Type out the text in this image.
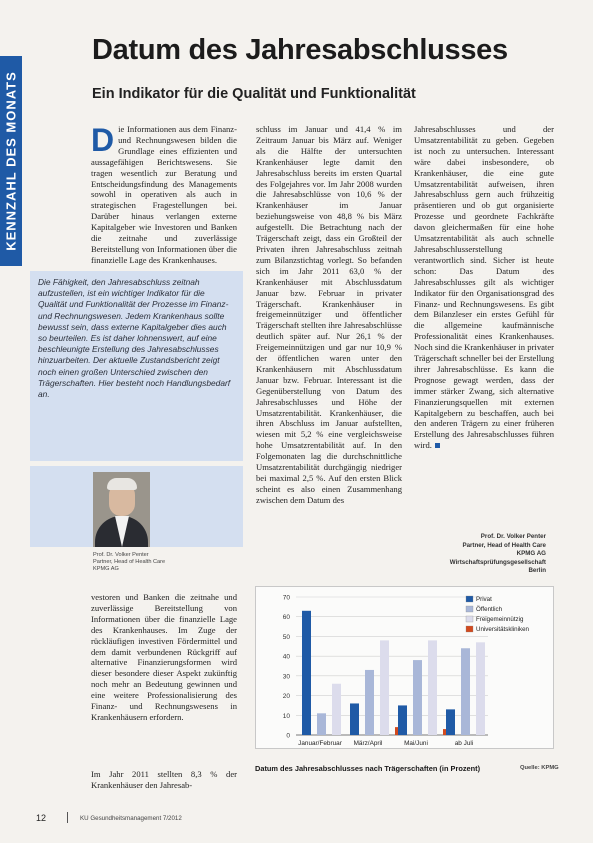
KENNZAHL DES MONATS
Datum des Jahresabschlusses
Ein Indikator für die Qualität und Funktionalität
Die Informationen aus dem Finanz- und Rechnungswesen bilden die Grundlage eines effizienten und aussagefähigen Berichtswesens. Sie tragen wesentlich zur Beratung und Entscheidungsfindung des Managements sowohl in operativen als auch in strategischen Fragestellungen bei. Darüber hinaus verlangen externe Kapitalgeber wie Investoren und Banken die zeitnahe und zuverlässige Bereitstellung von Informationen über die finanzielle Lage des Krankenhauses.

Die Fähigkeit, den Jahresabschluss zeitnah aufzustellen, ist ein wichtiger Indikator für die Qualität und Funktionalität der Prozesse im Finanz- und Rechnungswesen. Jedem Krankenhaus sollte bewusst sein, dass externe Kapitalgeber dies auch so beurteilen. Es ist daher lohnenswert, auf eine beschleunigte Erstellung des Jahresabschlusses hinzuarbeiten. Der aktuelle Zustandsbericht zeigt noch einen großen Unterschied zwischen den Trägerschaften. Hier besteht noch Handlungsbedarf an.

Prof. Dr. Volker Penter
Partner, Head of Health Care
KPMG AG
vestoren und Banken die zeitnahe und zuverlässige Bereitstellung von Informationen über die finanzielle Lage des Krankenhauses. Im Zuge der rückläufigen investiven Fördermittel und dem damit verbundenen Rückgriff auf alternative Finanzierungsformen wird dieser besondere dieser Aspekt zukünftig noch mehr an Bedeutung gewinnen und eine weitere Professionalisierung des Finanz- und Rechnungswesens in Krankenhäusern erfordern.
Im Jahr 2011 stellten 8,3 % der Krankenhäuser den Jahresab-
schluss im Januar und 41,4 % im Zeitraum Januar bis März auf. Weniger als die Hälfte der untersuchten Krankenhäuser legte damit den Jahresabschluss bereits im ersten Quartal des Folgejahres vor. Im Jahr 2008 wurden die Jahresabschlüsse von 10,6 % der Krankenhäuser im Januar beziehungsweise von 48,8 % bis März aufgestellt. Die Betrachtung nach der Trägerschaft zeigt, dass ein Großteil der Privaten ihren Jahresabschluss zeitnah zum Bilanzstichtag vorlegt. So befanden sich im Jahr 2011 63,0 % der Krankenhäuser mit Abschlussdatum Januar bzw. Februar in privater Trägerschaft. Krankenhäuser in freigemeinnütziger und öffentlicher Trägerschaft stellten ihre Jahresabschlüsse deutlich später auf. Nur 26,1 % der Freigemeinnützigen und gar nur 10,9 % der öffentlichen waren unter den Krankenhäusern mit Abschlussdatum Januar bzw. Februar. Interessant ist die Gegenüberstellung von Datum des Jahresabschlusses und Höhe der Umsatzrentabilität. Krankenhäuser, die ihren Abschluss im Januar aufstellten, wiesen mit 5,2 % eine vergleichsweise hohe Umsatzrentabilität auf. In den Folgemonaten lag die durchschnittliche Umsatzrentabilität durchgängig niedriger bei maximal 2,5 %. Auf den ersten Blick scheint es also einen Zusammenhang zwischen dem Datum des
Jahresabschlusses und der Umsatzrentabilität zu geben. Gegeben ist noch zu untersuchen. Interessant wäre dabei insbesondere, ob Krankenhäuser, die eine gute Umsatzrentabilität aufweisen, ihren Jahresabschluss gern auch frühzeitig präsentieren und ob gut organisierte Prozesse und geordnete Fachkräfte davon gleichermaßen für eine hohe Umsatzrentabilität als auch schnelle Jahresabschlusserstellung verantwortlich sind. Sicher ist heute schon: Das Datum des Jahresabschlusses gilt als wichtiger Indikator für den Organisationsgrad des Finanz- und Rechnungswesens. Es gibt dem Bilanzleser ein erstes Gefühl für die allgemeine kaufmännische Professionalität eines Krankenhauses. Noch sind die Krankenhäuser in privater Trägerschaft schneller bei der Erstellung ihrer Jahresabschlüsse. Es kann die Prognose gewagt werden, dass der immer stärker Zwang, sich alternative Finanzierungsquellen mit externen Kapitalgebern zu beschaffen, auch bei den anderen Trägern zu einer früheren Erstellung des Jahresabschlusses führen wird.
Prof. Dr. Volker Penter
Partner, Head of Health Care
KPMG AG
Wirtschaftsprüfungsgesellschaft
Berlin
0
10
20
30
40
50
60
70
Januar/Februar März/April	Mai/Juni	ab Juli
Privat
Öffentlich
Freigemeinnützig
Universitätskliniken
Datum des Jahresabschlusses nach Trägerschaften (in Prozent)	Quelle: KPMG
12	KU Gesundheitsmanagement 7/2012
